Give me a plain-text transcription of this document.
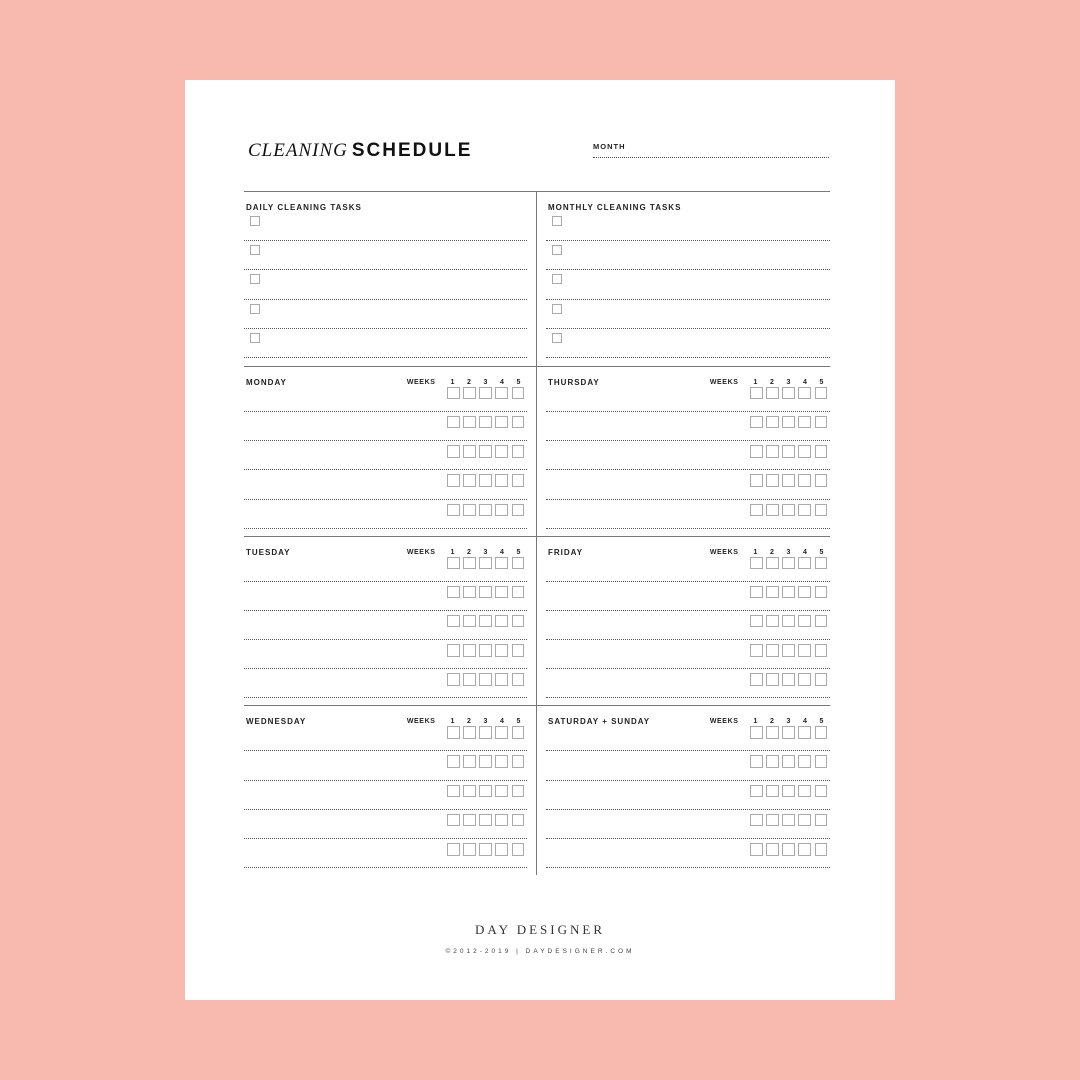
CLEANING SCHEDULE	MONTH
DAILY CLEANING TASKS	MONTHLY CLEANING TASKS
MONDAY	WEEKS	1	2	3	4	5	THURSDAY	WEEKS	1	2	3	4	5
TUESDAY	WEEKS	1	2	3	4	5	FRIDAY	WEEKS	1	2	3	4	5
WEDNESDAY	WEEKS	1	2	3	4	5	SATURDAY + SUNDAY	WEEKS	1	2	3	4	5
DAY DESIGNER
©2012-2019 | DAYDESIGNER.COM
